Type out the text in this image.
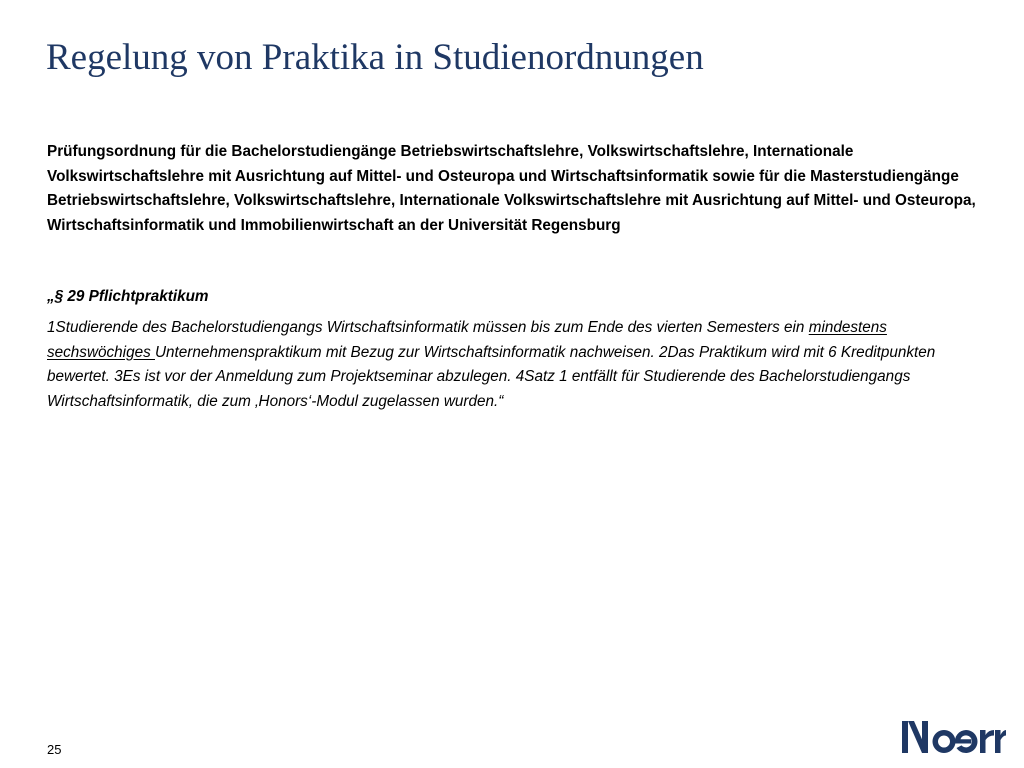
Regelung von Praktika in Studienordnungen

Prüfungsordnung für die Bachelorstudiengänge Betriebswirtschaftslehre, Volkswirtschaftslehre, Internationale Volkswirtschaftslehre mit Ausrichtung auf Mittel- und Osteuropa und Wirtschaftsinformatik sowie für die Masterstudiengänge Betriebswirtschaftslehre, Volkswirtschaftslehre, Internationale Volkswirtschaftslehre mit Ausrichtung auf Mittel- und Osteuropa, Wirtschaftsinformatik und Immobilienwirtschaft an der Universität Regensburg

„§ 29 Pflichtpraktikum

1Studierende des Bachelorstudiengangs Wirtschaftsinformatik müssen bis zum Ende des vierten Semesters ein mindestens sechswöchiges Unternehmenspraktikum mit Bezug zur Wirtschaftsinformatik nachweisen. 2Das Praktikum wird mit 6 Kreditpunkten bewertet. 3Es ist vor der Anmeldung zum Projektseminar abzulegen. 4Satz 1 entfällt für Studierende des Bachelorstudiengangs Wirtschaftsinformatik, die zum ‚Honors‘-Modul zugelassen wurden.“

25
